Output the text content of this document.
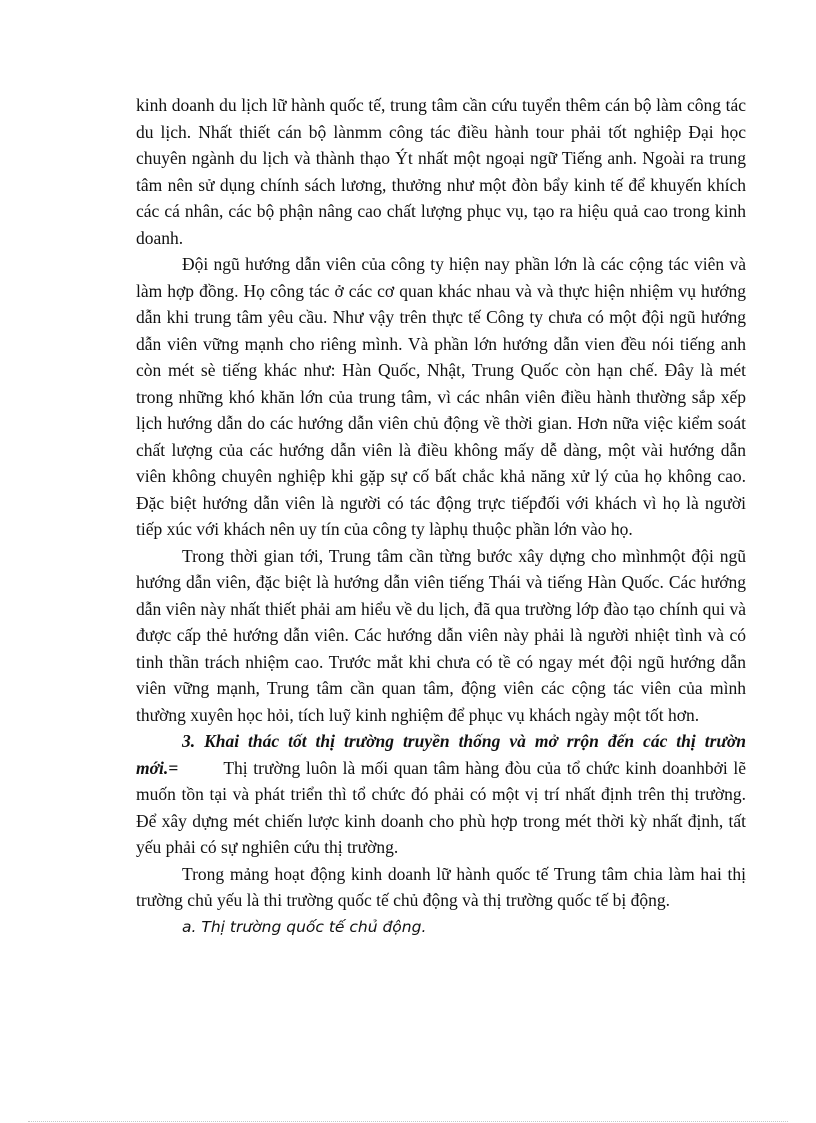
kinh doanh du lịch lữ hành quốc tế, trung tâm cần cứu tuyển thêm cán bộ làm công tác du lịch. Nhất thiết cán bộ lànmm công tác điều hành tour phải tốt nghiệp Đại học chuyên ngành du lịch và thành thạo Ýt nhất một ngoại ngữ Tiếng anh. Ngoài ra trung tâm nên sử dụng chính sách lương, thưởng như một đòn bẩy kinh tế để khuyến khích các cá nhân, các bộ phận nâng cao chất lượng phục vụ, tạo ra hiệu quả cao trong kinh doanh.

Đội ngũ hướng dẫn viên của công ty hiện nay phần lớn là các cộng tác viên và làm hợp đồng. Họ công tác ở các cơ quan khác nhau và và thực hiện nhiệm vụ hướng dẫn khi trung tâm yêu cầu. Như vậy trên thực tế Công ty chưa có một đội ngũ hướng dẫn viên vững mạnh cho riêng mình. Và phần lớn hướng dẫn vien đều nói tiếng anh còn mét sè tiếng khác như: Hàn Quốc, Nhật, Trung Quốc còn hạn chế. Đây là mét trong những khó khăn lớn của trung tâm, vì các nhân viên điều hành thường sắp xếp lịch hướng dẫn do các hướng dẫn viên chủ động về thời gian. Hơn nữa việc kiểm soát chất lượng của các hướng dẫn viên là điều không mấy dễ dàng, một vài hướng dẫn viên không chuyên nghiệp khi gặp sự cố bất chắc khả năng xử lý của họ không cao. Đặc biệt hướng dẫn viên là người có tác động trực tiếpđối với khách vì họ là người tiếp xúc với khách nên uy tín của công ty làphụ thuộc phần lớn vào họ.

Trong thời gian tới, Trung tâm cần từng bước xây dựng cho mìnhmột đội ngũ hướng dẫn viên, đặc biệt là hướng dẫn viên tiếng Thái và tiếng Hàn Quốc. Các hướng dẫn viên này nhất thiết phải am hiểu về du lịch, đã qua trường lớp đào tạo chính qui và được cấp thẻ hướng dẫn viên. Các hướng dẫn viên này phải là người nhiệt tình và có tinh thần trách nhiệm cao. Trước mắt khi chưa có tề có ngay mét đội ngũ hướng dẫn viên vững mạnh, Trung tâm cần quan tâm, động viên các cộng tác viên của mình thường xuyên học hỏi, tích luỹ kinh nghiệm để phục vụ khách ngày một tốt hơn.

3. Khai thác tốt thị trường truyền thống và mở rrộn đến các thị trườn mới.=	Thị trường luôn là mối quan tâm hàng đòu của tổ chức kinh doanhbởi lẽ muốn tồn tại và phát triển thì tổ chức đó phải có một vị trí nhất định trên thị trường. Để xây dựng mét chiến lược kinh doanh cho phù hợp trong mét thời kỳ nhất định, tất yếu phải có sự nghiên cứu thị trường.

Trong mảng hoạt động kinh doanh lữ hành quốc tế Trung tâm chia làm hai thị trường chủ yếu là thi trường quốc tế chủ động và thị trường quốc tế bị động.

a. Thị trường quốc tế chủ động.
